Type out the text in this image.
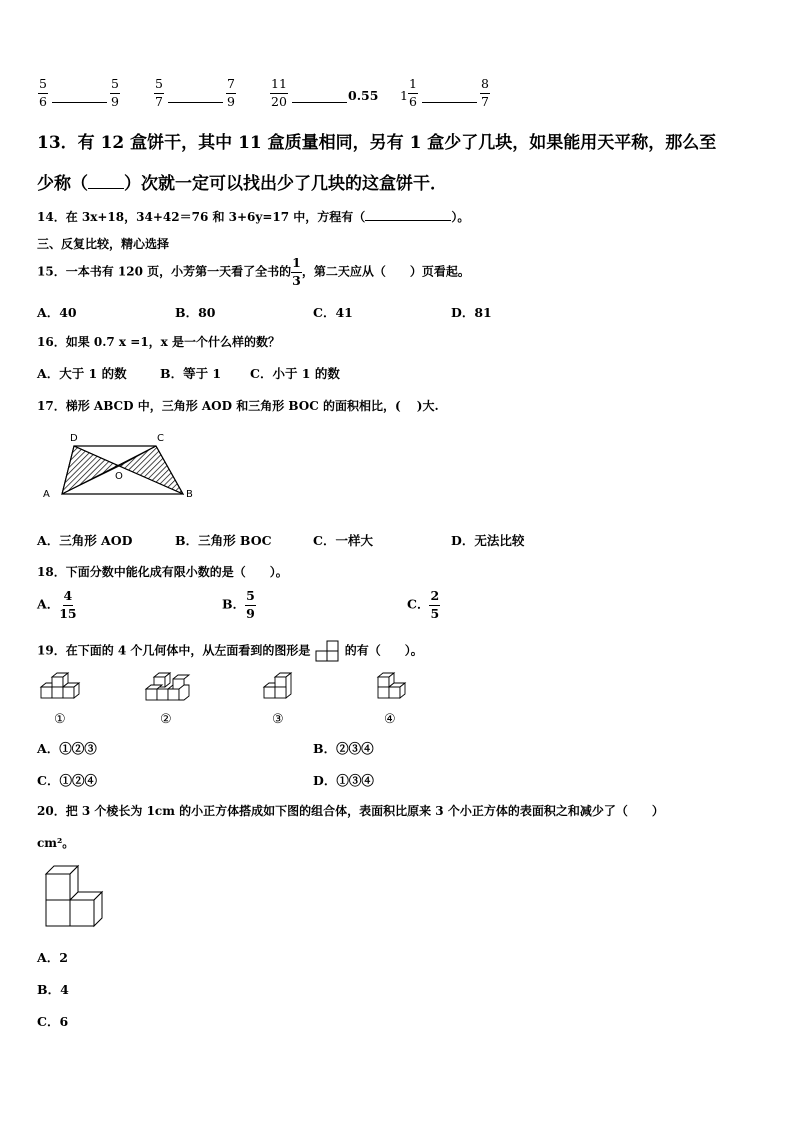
$\frac{5}{6}$	$\frac{5}{9}$	$\frac{5}{7}$	$\frac{7}{9}$	$\frac{11}{20}$	0.55 $1 \frac{1}{6}$	$\frac{8}{7}$
13．有 12 盒饼干，其中 11 盒质量相同，另有 1 盒少了几块，如果能用天平称，那么至
少称（ ）次就一定可以找出少了几块的这盒饼干．
14．在 3x+18，34+42＝76 和 3+6y=17 中，方程有（	）。
三、反复比较，精心选择
15．一本书有 120 页，小芳第一天看了全书的 $\frac{1}{3}$ ，第二天应从（　　）页看起。
A．40	B．80	C．41	D．81
16．如果 0.7 x =1，x 是一个什么样的数？
A．大于 1 的数	B．等于 1 C．小于 1 的数
17．梯形 ABCD 中，三角形 AOD 和三角形 BOC 的面积相比，(　 )大.
D	C
A	B
O
A．三角形 AOD	B．三角形 BOC	C．一样大	D．无法比较
18．下面分数中能化成有限小数的是（　　）。
A． $\frac{4}{15}$	B． $\frac{5}{9}$	C． $\frac{2}{5}$
19．在下面的 4 个几何体中，从左面看到的图形是	的有（　　）。
①	②	③	④
A．①②③	B．②③④
C．①②④	D．①③④
20．把 3 个棱长为 1cm 的小正方体搭成如下图的组合体，表面积比原来 3 个小正方体的表面积之和减少了（　　）
cm²。
A．2
B．4
C．6
